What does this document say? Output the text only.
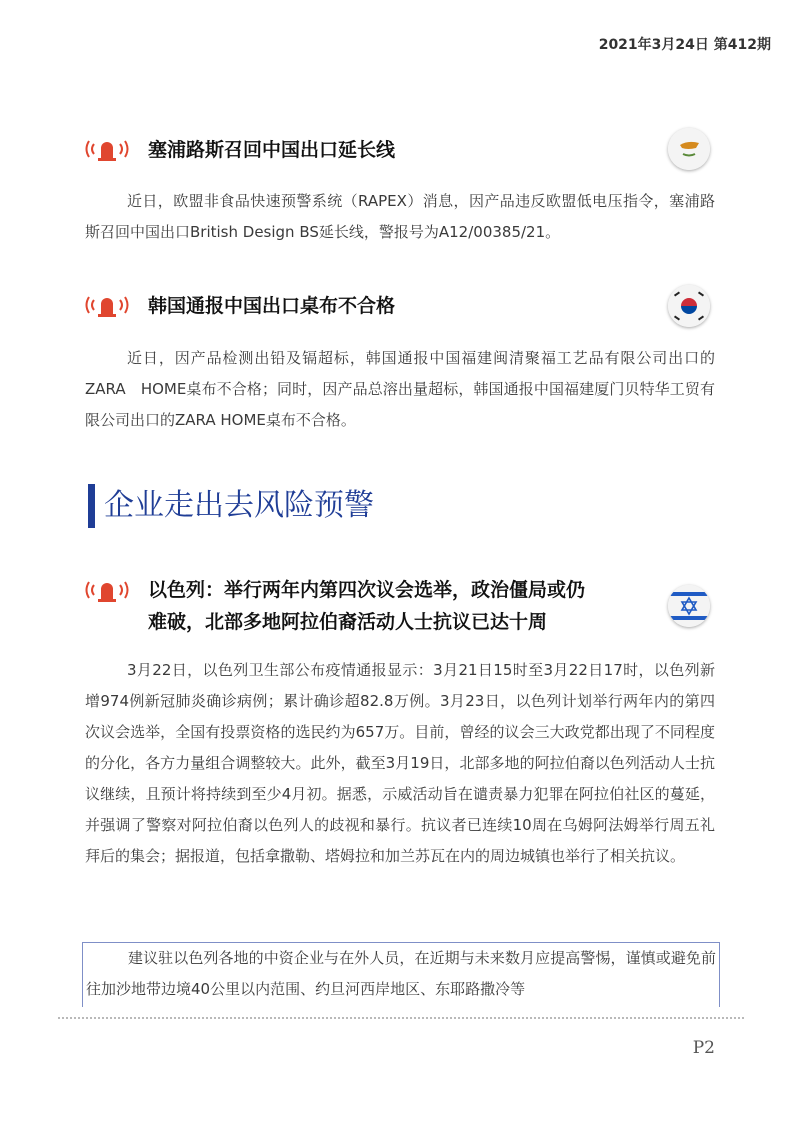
2021年3月24日 第412期
塞浦路斯召回中国出口延长线

近日，欧盟非食品快速预警系统（RAPEX）消息，因产品违反欧盟低电压指令，塞浦路斯召回中国出口British Design BS延长线，警报号为A12/00385/21。

韩国通报中国出口桌布不合格

近日，因产品检测出铅及镉超标，韩国通报中国福建闽清聚福工艺品有限公司出口的ZARA　HOME桌布不合格；同时，因产品总溶出量超标，韩国通报中国福建厦门贝特华工贸有限公司出口的ZARA HOME桌布不合格。

企业走出去风险预警
以色列：举行两年内第四次议会选举，政治僵局或仍
难破，北部多地阿拉伯裔活动人士抗议已达十周

3月22日，以色列卫生部公布疫情通报显示：3月21日15时至3月22日17时，以色列新增974例新冠肺炎确诊病例；累计确诊超82.8万例。3月23日，以色列计划举行两年内的第四次议会选举，全国有投票资格的选民约为657万。目前，曾经的议会三大政党都出现了不同程度的分化，各方力量组合调整较大。此外，截至3月19日，北部多地的阿拉伯裔以色列活动人士抗议继续，且预计将持续到至少4月初。据悉，示威活动旨在谴责暴力犯罪在阿拉伯社区的蔓延，并强调了警察对阿拉伯裔以色列人的歧视和暴行。抗议者已连续10周在乌姆阿法姆举行周五礼拜后的集会；据报道，包括拿撒勒、塔姆拉和加兰苏瓦在内的周边城镇也举行了相关抗议。

建议驻以色列各地的中资企业与在外人员，在近期与未来数月应提高警惕，谨慎或避免前往加沙地带边境40公里以内范围、约旦河西岸地区、东耶路撒冷等

P2
